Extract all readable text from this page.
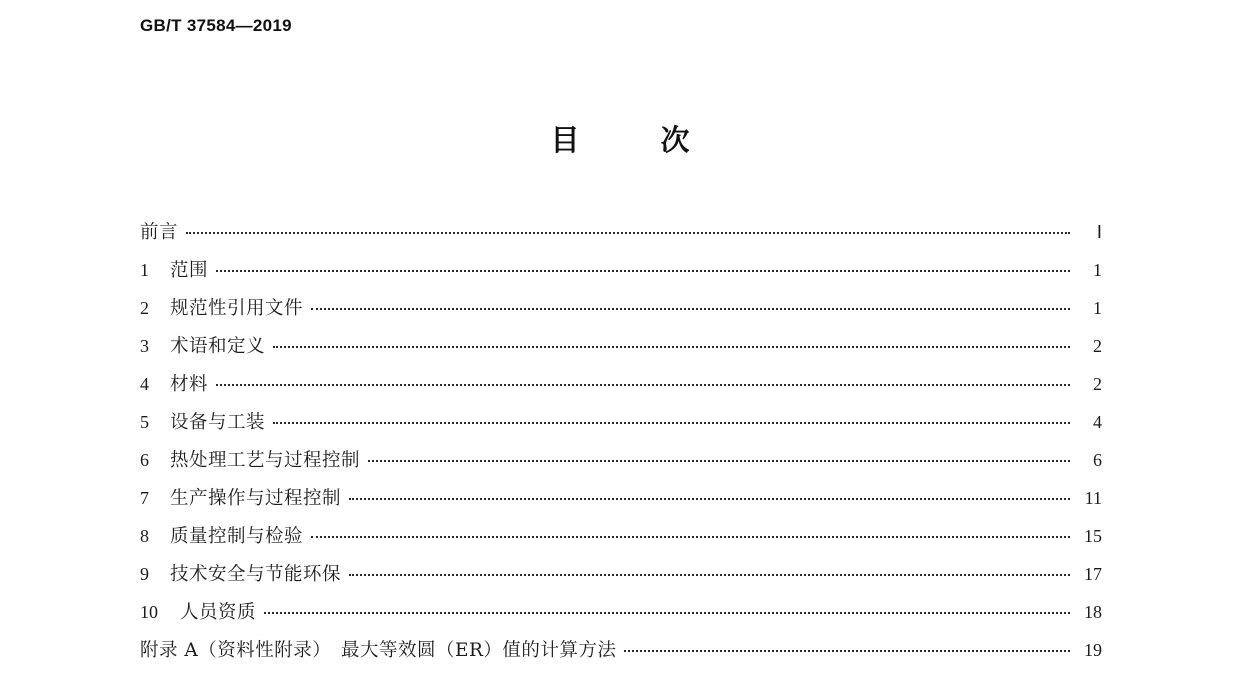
GB/T 37584—2019
目　次
前言	Ⅰ
1	范围	1
2	规范性引用文件	1
3	术语和定义	2
4	材料	2
5	设备与工装	4
6	热处理工艺与过程控制	6
7	生产操作与过程控制	11
8	质量控制与检验	15
9	技术安全与节能环保	17
10	人员资质	18
附录 A（资料性附录）　最大等效圆（ER）值的计算方法	19
